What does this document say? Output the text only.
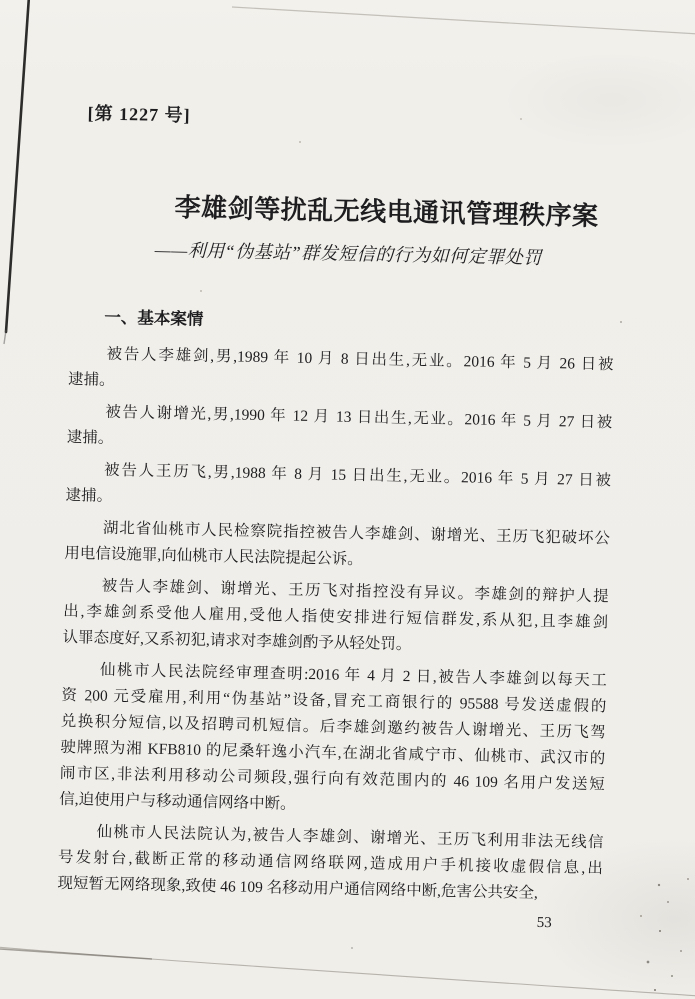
[第 1227 号]
李雄剑等扰乱无线电通讯管理秩序案
——利用“伪基站”群发短信的行为如何定罪处罚
一、基本案情
被告人李雄剑,男,1989 年 10 月 8 日出生,无业。2016 年 5 月 26 日被
逮捕。
被告人谢增光,男,1990 年 12 月 13 日出生,无业。2016 年 5 月 27 日被
逮捕。
被告人王历飞,男,1988 年 8 月 15 日出生,无业。2016 年 5 月 27 日被
逮捕。
湖北省仙桃市人民检察院指控被告人李雄剑、谢增光、王历飞犯破坏公
用电信设施罪,向仙桃市人民法院提起公诉。
被告人李雄剑、谢增光、王历飞对指控没有异议。李雄剑的辩护人提
出,李雄剑系受他人雇用,受他人指使安排进行短信群发,系从犯,且李雄剑
认罪态度好,又系初犯,请求对李雄剑酌予从轻处罚。
仙桃市人民法院经审理查明:2016 年 4 月 2 日,被告人李雄剑以每天工
资 200 元受雇用,利用“伪基站”设备,冒充工商银行的 95588 号发送虚假的
兑换积分短信,以及招聘司机短信。后李雄剑邀约被告人谢增光、王历飞驾
驶牌照为湘 KFB810 的尼桑轩逸小汽车,在湖北省咸宁市、仙桃市、武汉市的
闹市区,非法利用移动公司频段,强行向有效范围内的 46 109 名用户发送短
信,迫使用户与移动通信网络中断。
仙桃市人民法院认为,被告人李雄剑、谢增光、王历飞利用非法无线信
号发射台,截断正常的移动通信网络联网,造成用户手机接收虚假信息,出
现短暂无网络现象,致使 46 109 名移动用户通信网络中断,危害公共安全,
53
